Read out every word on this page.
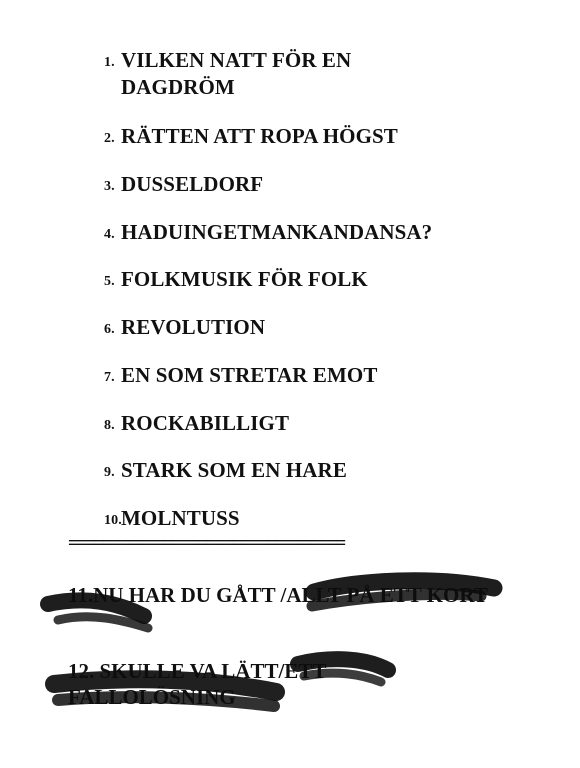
1. VILKEN NATT FÖR EN DAGDRÖM
2. RÄTTEN ATT ROPA HÖGST
3. DUSSELDORF
4. HADUINGETMANKANDANSA?
5. FOLKMUSIK FÖR FOLK
6. REVOLUTION
7. EN SOM STRETAR EMOT
8. ROCKABILLIGT
9. STARK SOM EN HARE
10.MOLNTUSS
================================
11.NU HAR DU GÅTT /ALLT PÅ ETT KORT
12. SKULLE VA LÄTT/ETT FALLOLÖSNING
